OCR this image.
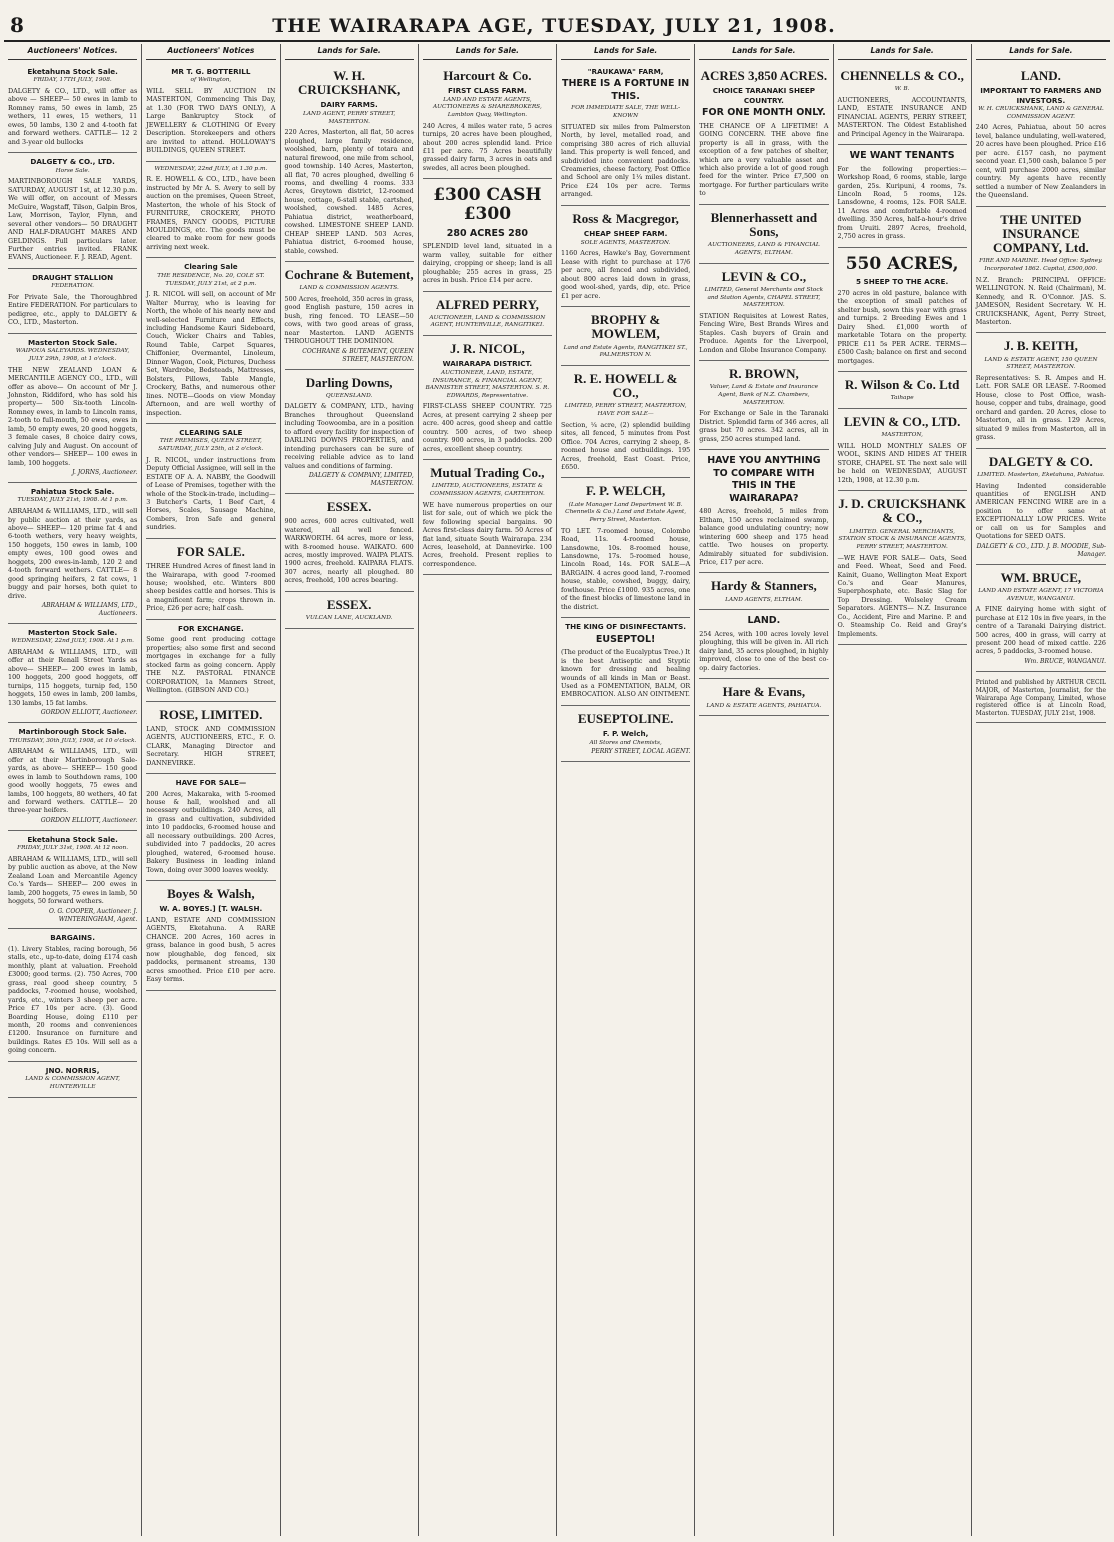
8	THE WAIRARAPA AGE, TUESDAY, JULY 21, 1908.
Auctioneers' Notices.
Eketahuna Stock Sale.
FRIDAY, 17TH JULY, 1908.
DALGETY & CO., LTD., will offer as above — SHEEP— 50 ewes in lamb to Romney rams, 50 ewes in lamb, 25 wethers, 11 ewes, 15 wethers, 11 ewes, 50 lambs, 130 2 and 4-tooth fat and forward wethers. CATTLE— 12 2 and 3-year old bullocks
DALGETY & CO., LTD.
Horse Sale.
MARTINBOROUGH SALE YARDS, SATURDAY, AUGUST 1st, at 12.30 p.m. We will offer, on account of Messrs McGuire, Wagstaff, Tilson, Galpin Bros, Law, Morrison, Taylor, Flynn, and several other vendors— 50 DRAUGHT AND HALF-DRAUGHT MARES AND GELDINGS. Full particulars later. Further entries invited. FRANK EVANS, Auctioneer. F. J. READ, Agent.
DRAUGHT STALLION
FEDERATION.
For Private Sale, the Thoroughbred Entire FEDERATION. For particulars to pedigree, etc., apply to DALGETY & CO., LTD., Masterton.
Masterton Stock Sale.
WAIPOUA SALEYARDS. WEDNESDAY, JULY 29th, 1908, at 1 o'clock.
THE NEW ZEALAND LOAN & MERCANTILE AGENCY CO., LTD., will offer as above— On account of Mr J. Johnston, Riddiford, who has sold his property— 500 Six-tooth Lincoln-Romney ewes, in lamb to Lincoln rams, 2-tooth to full-mouth, 50 ewes, ewes in lamb, 50 empty ewes, 20 good hoggets, 3 female cases, 8 choice dairy cows, calving July and August. On account of other vendors— SHEEP— 100 ewes in lamb, 100 hoggets.
J. JORNS, Auctioneer.
Pahiatua Stock Sale.
TUESDAY, JULY 21st, 1908. At 1 p.m.
ABRAHAM & WILLIAMS, LTD., will sell by public auction at their yards, as above— SHEEP— 120 prime fat 4 and 6-tooth wethers, very heavy weights, 150 hoggets, 150 ewes in lamb, 100 empty ewes, 100 good owes and hoggets, 200 ewes-in-lamb, 120 2 and 4-tooth forward wethers. CATTLE— 8 good springing heifers, 2 fat cows, 1 buggy and pair horses, both quiet to drive.
ABRAHAM & WILLIAMS, LTD., Auctioneers.
Masterton Stock Sale.
WEDNESDAY, 22nd JULY, 1908. At 1 p.m.
ABRAHAM & WILLIAMS, LTD., will offer at their Renall Street Yards as above— SHEEP— 200 ewes in lamb, 100 hoggets, 200 good hoggets, off turnips, 115 hoggets, turnip fed, 150 hoggets, 150 ewes in lamb, 200 lambs, 130 lambs, 15 fat lambs.
GORDON ELLIOTT, Auctioneer.
Martinborough Stock Sale.
THURSDAY, 30th JULY, 1908, at 10 o'clock.
ABRAHAM & WILLIAMS, LTD., will offer at their Martinborough Sale-yards, as above— SHEEP— 150 good ewes in lamb to Southdown rams, 100 good woolly hoggets, 75 ewes and lambs, 100 hoggets, 80 wethers, 40 fat and forward wethers. CATTLE— 20 three-year heifers.
GORDON ELLIOTT, Auctioneer.
Eketahuna Stock Sale.
FRIDAY, JULY 31st, 1908. At 12 noon.
ABRAHAM & WILLIAMS, LTD., will sell by public auction as above, at the New Zealand Loan and Mercantile Agency Co.'s Yards— SHEEP— 200 ewes in lamb, 200 hoggets, 75 ewes in lamb, 50 hoggets, 50 forward wethers.
O. G. COOPER, Auctioneer. J. WINTERINGHAM, Agent.
BARGAINS.
(1). Livery Stables, racing borough, 56 stalls, etc., up-to-date, doing £174 cash monthly, plant at valuation. Freehold £3000; good terms. (2). 750 Acres, 700 grass, real good sheep country, 5 paddocks, 7-roomed house, woolshed, yards, etc., winters 3 sheep per acre. Price £7 10s per acre. (3). Good Boarding House, doing £110 per month, 20 rooms and conveniences £1200. Insurance on furniture and buildings. Rates £5 10s. Will sell as a going concern.
JNO. NORRIS,
LAND & COMMISSION AGENT, HUNTERVILLE
Auctioneers' Notices
MR T. G. BOTTERILL
of Wellington,
WILL SELL BY AUCTION IN MASTERTON, Commencing This Day, at 1.30 (FOR TWO DAYS ONLY), A Large Bankruptcy Stock of JEWELLERY & CLOTHING Of Every Description. Storekeepers and others are invited to attend. HOLLOWAY'S BUILDINGS, QUEEN STREET.
WEDNESDAY, 22nd JULY, at 1.30 p.m.
R. E. HOWELL & CO., LTD., have been instructed by Mr A. S. Avery to sell by auction on the premises, Queen Street, Masterton, the whole of his Stock of FURNITURE, CROCKERY, PHOTO FRAMES, FANCY GOODS, PICTURE MOULDINGS, etc. The goods must be cleared to make room for new goods arriving next week.
Clearing Sale
THE RESIDENCE, No. 20, COLE ST. TUESDAY, JULY 21st, at 2 p.m.
J. R. NICOL will sell, on account of Mr Walter Murray, who is leaving for North, the whole of his nearly new and well-selected Furniture and Effects, including Handsome Kauri Sideboard, Couch, Wicker Chairs and Tables, Round Table, Carpet Squares, Chiffonier, Overmantel, Linoleum, Dinner Wagon, Cook, Pictures, Duchess Set, Wardrobe, Bedsteads, Mattresses, Bolsters, Pillows, Table Mangle, Crockery, Baths, and numerous other lines. NOTE—Goods on view Monday Afternoon, and are well worthy of inspection.
CLEARING SALE
THE PREMISES, QUEEN STREET, SATURDAY, JULY 25th, at 2 o'clock.
J. R. NICOL, under instructions from Deputy Official Assignee, will sell in the ESTATE OF A. A. NABBY, the Goodwill of Lease of Premises, together with the whole of the Stock-in-trade, including—3 Butcher's Carts, 1 Beef Cart, 4 Horses, Scales, Sausage Machine, Combers, Iron Safe and general sundries.
FOR SALE.
THREE Hundred Acres of finest land in the Wairarapa, with good 7-roomed house; woolshed, etc. Winters 800 sheep besides cattle and horses. This is a magnificent farm; crops thrown in. Price, £26 per acre; half cash.
FOR EXCHANGE.
Some good rent producing cottage properties; also some first and second mortgages in exchange for a fully stocked farm as going concern. Apply THE N.Z. PASTORAL FINANCE CORPORATION, 1a Manners Street, Wellington. (GIBSON AND CO.)
ROSE, LIMITED.
LAND, STOCK AND COMMISSION AGENTS, AUCTIONEERS, ETC., F. O. CLARK, Managing Director and Secretary. HIGH STREET, DANNEVIRKE.
HAVE FOR SALE—
200 Acres, Makaraka, with 5-roomed house & hall, woolshed and all necessary outbuildings. 240 Acres, all in grass and cultivation, subdivided into 10 paddocks, 6-roomed house and all necessary outbuildings. 200 Acres, subdivided into 7 paddocks, 20 acres ploughed, watered, 6-roomed house. Bakery Business in leading inland Town, doing over 3000 loaves weekly.
Boyes & Walsh,
W. A. BOYES.] [T. WALSH.
LAND, ESTATE AND COMMISSION AGENTS, Eketahuna. A RARE CHANCE. 200 Acres, 160 acres in grass, balance in good bush, 5 acres now ploughable, dog fenced, six paddocks, permanent streams, 130 acres smoothed. Price £10 per acre. Easy terms.
Lands for Sale.
W. H. CRUICKSHANK,
DAIRY FARMS.
LAND AGENT, PERRY STREET, MASTERTON.
220 Acres, Masterton, all flat, 50 acres ploughed, large family residence, woolshed, barn, plenty of totara and natural firewood, one mile from school, good township. 140 Acres, Masterton, all flat, 70 acres ploughed, dwelling 6 rooms, and dwelling 4 rooms. 333 Acres, Greytown district, 12-roomed house, cottage, 6-stall stable, cartshed, woolshed, cowshed. 1485 Acres, Pahiatua district, weatherboard, cowshed. LIMESTONE SHEEP LAND. CHEAP SHEEP LAND. 503 Acres, Pahiatua district, 6-roomed house, stable, cowshed.
Cochrane & Butement,
LAND & COMMISSION AGENTS.
500 Acres, freehold, 350 acres in grass, good English pasture, 150 acres in bush, ring fenced. TO LEASE—50 cows, with two good areas of grass, near Masterton. LAND AGENTS THROUGHOUT THE DOMINION.
COCHRANE & BUTEMENT, QUEEN STREET, MASTERTON.
Darling Downs,
QUEENSLAND.
DALGETY & COMPANY, LTD., having Branches throughout Queensland including Toowoomba, are in a position to afford every facility for inspection of DARLING DOWNS PROPERTIES, and intending purchasers can be sure of receiving reliable advice as to land values and conditions of farming.
DALGETY & COMPANY, LIMITED, MASTERTON.
ESSEX.
900 acres, 600 acres cultivated, well watered, all well fenced. WARKWORTH. 64 acres, more or less, with 8-roomed house. WAIKATO. 600 acres, mostly improved. WAIPA PLATS. 1900 acres, freehold. KAIPARA FLATS. 307 acres, nearly all ploughed. 80 acres, freehold, 100 acres bearing.
ESSEX.
VULCAN LANE, AUCKLAND.
Lands for Sale.
Harcourt & Co.
FIRST CLASS FARM.
LAND AND ESTATE AGENTS, AUCTIONEERS & SHAREBROKERS, Lambton Quay, Wellington.
240 Acres, 4 miles water rate, 5 acres turnips, 20 acres have been ploughed, about 200 acres splendid land. Price £11 per acre. 75 Acres beautifully grassed dairy farm, 3 acres in oats and swedes, all acres been ploughed.
£300 CASH £300
280 ACRES 280
SPLENDID level land, situated in a warm valley, suitable for either dairying, cropping or sheep; land is all ploughable; 255 acres in grass, 25 acres in bush. Price £14 per acre.
ALFRED PERRY,
AUCTIONEER, LAND & COMMISSION AGENT, HUNTERVILLE, RANGITIKEI.
J. R. NICOL,
WAIRARAPA DISTRICT.
AUCTIONEER, LAND, ESTATE, INSURANCE, & FINANCIAL AGENT, BANNISTER STREET, MASTERTON. S. R. EDWARDS, Representative.
FIRST-CLASS SHEEP COUNTRY. 725 Acres, at present carrying 2 sheep per acre. 400 acres, good sheep and cattle country. 500 acres, of two sheep country. 900 acres, in 3 paddocks. 200 acres, excellent sheep country.
Mutual Trading Co.,
LIMITED, AUCTIONEERS, ESTATE & COMMISSION AGENTS, CARTERTON.
WE have numerous properties on our list for sale, out of which we pick the few following special bargains. 90 Acres first-class dairy farm. 50 Acres of flat land, situate South Wairarapa. 234 Acres, leasehold, at Dannevirke. 100 Acres, freehold. Present replies to correspondence.
Lands for Sale.
"RAUKAWA" FARM,
THERE IS A FORTUNE IN THIS.
FOR IMMEDIATE SALE, THE WELL-KNOWN
SITUATED six miles from Palmerston North, by level, metalled road, and comprising 380 acres of rich alluvial land. This property is well fenced, and subdivided into convenient paddocks. Creameries, cheese factory, Post Office and School are only 1¼ miles distant. Price £24 10s per acre. Terms arranged.
Ross & Macgregor,
CHEAP SHEEP FARM.
SOLE AGENTS, MASTERTON.
1160 Acres, Hawke's Bay, Government Lease with right to purchase at 17/6 per acre, all fenced and subdivided, about 800 acres laid down in grass, good wool-shed, yards, dip, etc. Price £1 per acre.
BROPHY & MOWLEM,
Land and Estate Agents, RANGITIKEI ST., PALMERSTON N.
R. E. HOWELL & CO.,
LIMITED, PERRY STREET, MASTERTON, HAVE FOR SALE—
Section, ¼ acre, (2) splendid building sites, all fenced, 5 minutes from Post Office. 704 Acres, carrying 2 sheep, 8-roomed house and outbuildings. 195 Acres, freehold, East Coast. Price, £650.
F. P. WELCH,
(Late Manager Land Department W. B. Chennells & Co.) Land and Estate Agent, Perry Street, Masterton.
TO LET. 7-roomed house, Colombo Road, 11s. 4-roomed house, Lansdowne, 10s. 8-roomed house, Lansdowne, 17s. 5-roomed house, Lincoln Road, 14s. FOR SALE—A BARGAIN. 4 acres good land, 7-roomed house, stable, cowshed, buggy, dairy, fowlhouse. Price £1000. 935 acres, one of the finest blocks of limestone land in the district.
THE KING OF DISINFECTANTS.
EUSEPTOL!
(The product of the Eucalyptus Tree.) It is the best Antiseptic and Styptic known for dressing and healing wounds of all kinds in Man or Beast. Used as a FOMENTATION, BALM, OR EMBROCATION. ALSO AN OINTMENT.
EUSEPTOLINE.
F. P. Welch,
All Stores and Chemists,
PERRY STREET, LOCAL AGENT.
Lands for Sale.
ACRES 3,850 ACRES.
CHOICE TARANAKI SHEEP COUNTRY.
FOR ONE MONTH ONLY.
THE CHANCE OF A LIFETIME! A GOING CONCERN. THE above fine property is all in grass, with the exception of a few patches of shelter, which are a very valuable asset and which also provide a lot of good rough feed for the winter. Price £7,500 on mortgage. For further particulars write to
Blennerhassett and Sons,
AUCTIONEERS, LAND & FINANCIAL AGENTS, ELTHAM.
LEVIN & CO.,
LIMITED, General Merchants and Stock and Station Agents, CHAPEL STREET, MASTERTON.
STATION Requisites at Lowest Rates, Fencing Wire, Best Brands Wires and Staples. Cash buyers of Grain and Produce. Agents for the Liverpool, London and Globe Insurance Company.
R. BROWN,
Valuer, Land & Estate and Insurance Agent, Bank of N.Z. Chambers, MASTERTON.
For Exchange or Sale in the Taranaki District. Splendid farm of 346 acres, all grass but 70 acres. 342 acres, all in grass, 250 acres stumped land.
HAVE YOU ANYTHING TO COMPARE WITH THIS IN THE WAIRARAPA?
480 Acres, freehold, 5 miles from Eltham, 150 acres reclaimed swamp, balance good undulating country; now wintering 600 sheep and 175 head cattle. Two houses on property. Admirably situated for subdivision. Price, £17 per acre.
Hardy & Stanners,
LAND AGENTS, ELTHAM.
LAND.
254 Acres, with 100 acres lovely level ploughing, this will be given in. All rich dairy land, 35 acres ploughed, in highly improved, close to one of the best co-op. dairy factories.
Hare & Evans,
LAND & ESTATE AGENTS, PAHIATUA.
Lands for Sale.
CHENNELLS & CO.,
W. B.
AUCTIONEERS, ACCOUNTANTS, LAND, ESTATE INSURANCE AND FINANCIAL AGENTS, PERRY STREET, MASTERTON. The Oldest Established and Principal Agency in the Wairarapa.
WE WANT TENANTS
For the following properties:— Workshop Road, 6 rooms, stable, large garden, 25s. Kuripuni, 4 rooms, 7s. Lincoln Road, 5 rooms, 12s. Lansdowne, 4 rooms, 12s. FOR SALE. 11 Acres and comfortable 4-roomed dwelling. 350 Acres, half-a-hour's drive from Uruiti. 2897 Acres, freehold, 2,750 acres in grass.
550 ACRES,
5 SHEEP TO THE ACRE.
270 acres in old pasture, balance with the exception of small patches of shelter bush, sown this year with grass and turnips. 2 Breeding Ewes and 1 Dairy Shed. £1,000 worth of marketable Totara on the property. PRICE £11 5s PER ACRE. TERMS—£500 Cash; balance on first and second mortgages.
R. Wilson & Co. Ltd
Taihape
LEVIN & CO., LTD.
MASTERTON,
WILL HOLD MONTHLY SALES OF WOOL, SKINS AND HIDES AT THEIR STORE, CHAPEL ST. The next sale will be held on WEDNESDAY, AUGUST 12th, 1908, at 12.30 p.m.
J. D. CRUICKSHANK & CO.,
LIMITED. GENERAL MERCHANTS, STATION STOCK & INSURANCE AGENTS, PERRY STREET, MASTERTON.
—WE HAVE FOR SALE— Oats, Seed and Feed. Wheat, Seed and Feed. Kainit, Guano, Wellington Meat Export Co.'s and Gear Manures, Superphosphate, etc. Basic Slag for Top Dressing. Wolseley Cream Separators. AGENTS— N.Z. Insurance Co., Accident, Fire and Marine. P. and O. Steamship Co. Reid and Gray's Implements.
Lands for Sale.
LAND.
IMPORTANT TO FARMERS AND INVESTORS.
W. H. CRUICKSHANK, LAND & GENERAL COMMISSION AGENT.
240 Acres, Pahiatua, about 50 acres level, balance undulating, well-watered, 20 acres have been ploughed. Price £16 per acre. £157 cash, no payment second year. £1,500 cash, balance 5 per cent, will purchase 2000 acres, similar country. My agents have recently settled a number of New Zealanders in the Queensland.
THE UNITED INSURANCE COMPANY, Ltd.
FIRE AND MARINE. Head Office: Sydney. Incorporated 1862. Capital, £500,000.
N.Z. Branch: PRINCIPAL OFFICE: WELLINGTON. N. Reid (Chairman), M. Kennedy, and R. O'Connor. JAS. S. JAMESON, Resident Secretary. W. H. CRUICKSHANK, Agent, Perry Street, Masterton.
J. B. KEITH,
LAND & ESTATE AGENT, 150 QUEEN STREET, MASTERTON.
Representatives: S. R. Ampes and H. Lett. FOR SALE OR LEASE. 7-Roomed House, close to Post Office, wash-house, copper and tubs, drainage, good orchard and garden. 20 Acres, close to Masterton, all in grass. 129 Acres, situated 9 miles from Masterton, all in grass.
DALGETY & CO.
LIMITED. Masterton, Eketahuna, Pahiatua.
Having Indented considerable quantities of ENGLISH AND AMERICAN FENCING WIRE are in a position to offer same at EXCEPTIONALLY LOW PRICES. Write or call on us for Samples and Quotations for SEED OATS.
DALGETY & CO., LTD. J. B. MOODIE, Sub-Manager.
WM. BRUCE,
LAND AND ESTATE AGENT, 17 VICTORIA AVENUE, WANGANUI.
A FINE dairying home with sight of purchase at £12 10s in five years, in the centre of a Taranaki Dairying district. 500 acres, 400 in grass, will carry at present 200 head of mixed cattle. 226 acres, 5 paddocks, 3-roomed house.
Wm. BRUCE, WANGANUI.
Printed and published by ARTHUR CECIL MAJOR, of Masterton, Journalist, for the Wairarapa Age Company, Limited, whose registered office is at Lincoln Road, Masterton. TUESDAY, JULY 21st, 1908.
